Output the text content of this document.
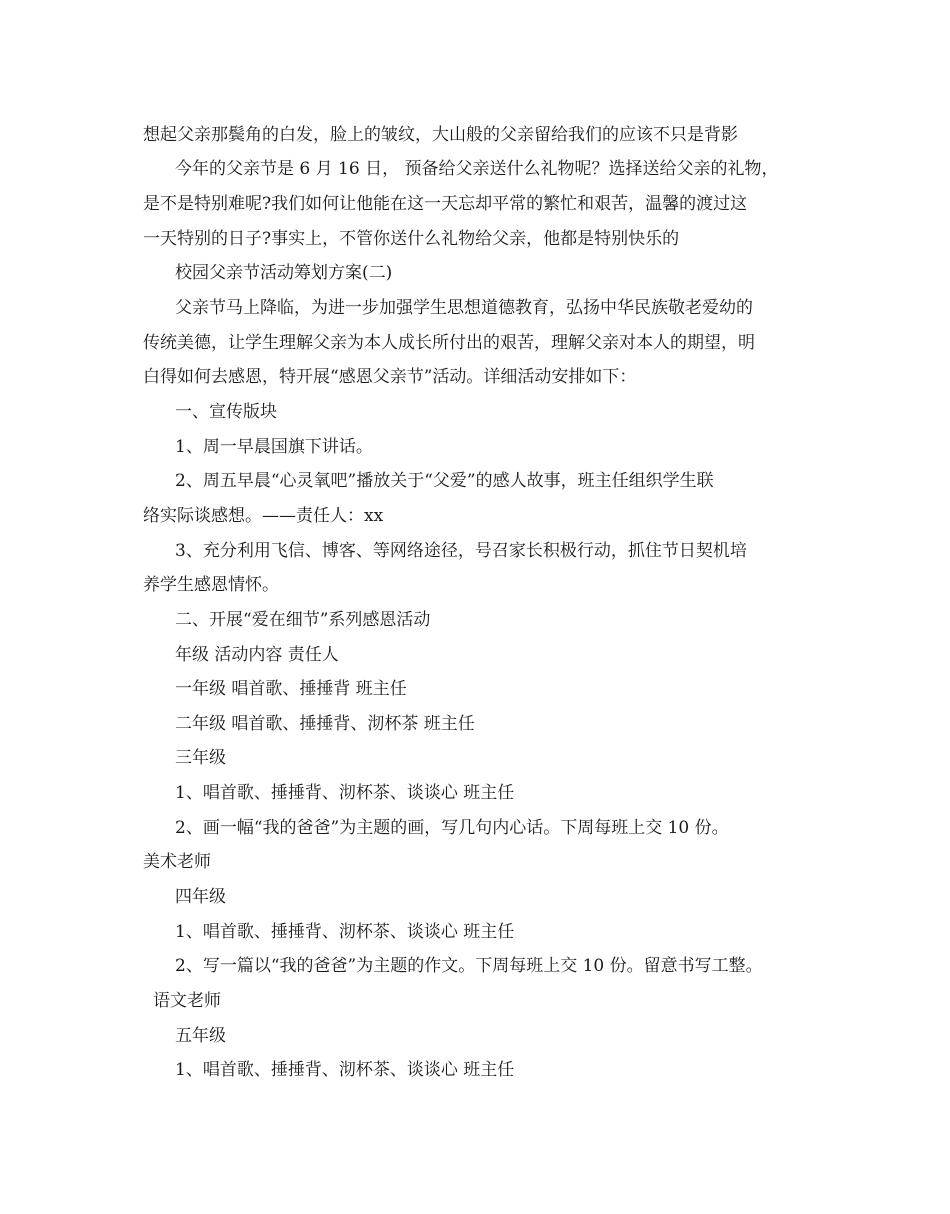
想起父亲那鬓角的白发，脸上的皱纹，大山般的父亲留给我们的应该不只是背影
今年的父亲节是 6 月 16 日， 预备给父亲送什么礼物呢？选择送给父亲的礼物，
是不是特别难呢?我们如何让他能在这一天忘却平常的繁忙和艰苦，温馨的渡过这
一天特别的日子?事实上，不管你送什么礼物给父亲，他都是特别快乐的
校园父亲节活动筹划方案(二)
父亲节马上降临，为进一步加强学生思想道德教育，弘扬中华民族敬老爱幼的
传统美德，让学生理解父亲为本人成长所付出的艰苦，理解父亲对本人的期望，明
白得如何去感恩，特开展“感恩父亲节”活动。详细活动安排如下：
一、宣传版块
1、周一早晨国旗下讲话。
2、周五早晨“心灵氧吧”播放关于“父爱”的感人故事，班主任组织学生联
络实际谈感想。——责任人：xx
3、充分利用飞信、博客、等网络途径，号召家长积极行动，抓住节日契机培
养学生感恩情怀。
二、开展“爱在细节”系列感恩活动
年级 活动内容 责任人
一年级 唱首歌、捶捶背 班主任
二年级 唱首歌、捶捶背、沏杯茶 班主任
三年级
1、唱首歌、捶捶背、沏杯茶、谈谈心 班主任
2、画一幅“我的爸爸”为主题的画，写几句内心话。下周每班上交 10 份。
美术老师
四年级
1、唱首歌、捶捶背、沏杯茶、谈谈心 班主任
2、写一篇以“我的爸爸”为主题的作文。下周每班上交 10 份。留意书写工整。
语文老师
五年级
1、唱首歌、捶捶背、沏杯茶、谈谈心 班主任
